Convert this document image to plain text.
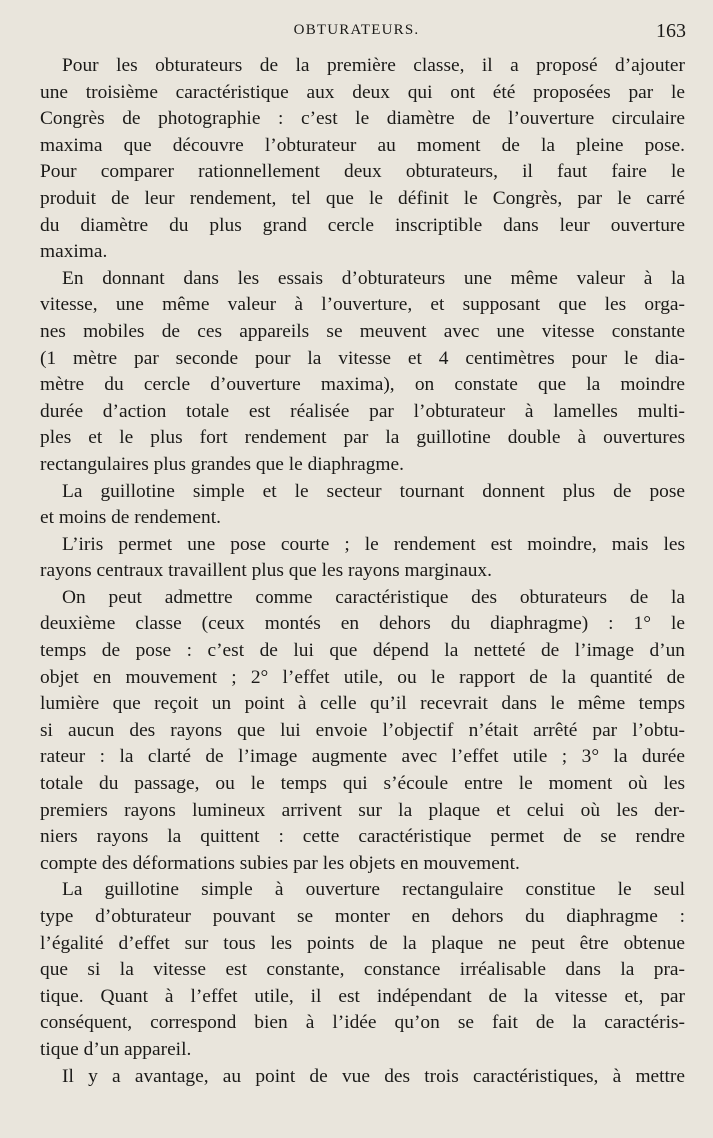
OBTURATEURS.	163
Pour les obturateurs de la première classe, il a proposé d’ajouter
une troisième caractéristique aux deux qui ont été proposées par le
Congrès de photographie : c’est le diamètre de l’ouverture circulaire
maxima que découvre l’obturateur au moment de la pleine pose.
Pour comparer rationnellement deux obturateurs, il faut faire le
produit de leur rendement, tel que le définit le Congrès, par le carré
du diamètre du plus grand cercle inscriptible dans leur ouverture
maxima.
En donnant dans les essais d’obturateurs une même valeur à la
vitesse, une même valeur à l’ouverture, et supposant que les orga-
nes mobiles de ces appareils se meuvent avec une vitesse constante
(1 mètre par seconde pour la vitesse et 4 centimètres pour le dia-
mètre du cercle d’ouverture maxima), on constate que la moindre
durée d’action totale est réalisée par l’obturateur à lamelles multi-
ples et le plus fort rendement par la guillotine double à ouvertures
rectangulaires plus grandes que le diaphragme.
La guillotine simple et le secteur tournant donnent plus de pose
et moins de rendement.
L’iris permet une pose courte ; le rendement est moindre, mais les
rayons centraux travaillent plus que les rayons marginaux.
On peut admettre comme caractéristique des obturateurs de la
deuxième classe (ceux montés en dehors du diaphragme) : 1° le
temps de pose : c’est de lui que dépend la netteté de l’image d’un
objet en mouvement ; 2° l’effet utile, ou le rapport de la quantité de
lumière que reçoit un point à celle qu’il recevrait dans le même temps
si aucun des rayons que lui envoie l’objectif n’était arrêté par l’obtu-
rateur : la clarté de l’image augmente avec l’effet utile ; 3° la durée
totale du passage, ou le temps qui s’écoule entre le moment où les
premiers rayons lumineux arrivent sur la plaque et celui où les der-
niers rayons la quittent : cette caractéristique permet de se rendre
compte des déformations subies par les objets en mouvement.
La guillotine simple à ouverture rectangulaire constitue le seul
type d’obturateur pouvant se monter en dehors du diaphragme :
l’égalité d’effet sur tous les points de la plaque ne peut être obtenue
que si la vitesse est constante, constance irréalisable dans la pra-
tique. Quant à l’effet utile, il est indépendant de la vitesse et, par
conséquent, correspond bien à l’idée qu’on se fait de la caractéris-
tique d’un appareil.
Il y a avantage, au point de vue des trois caractéristiques, à mettre
